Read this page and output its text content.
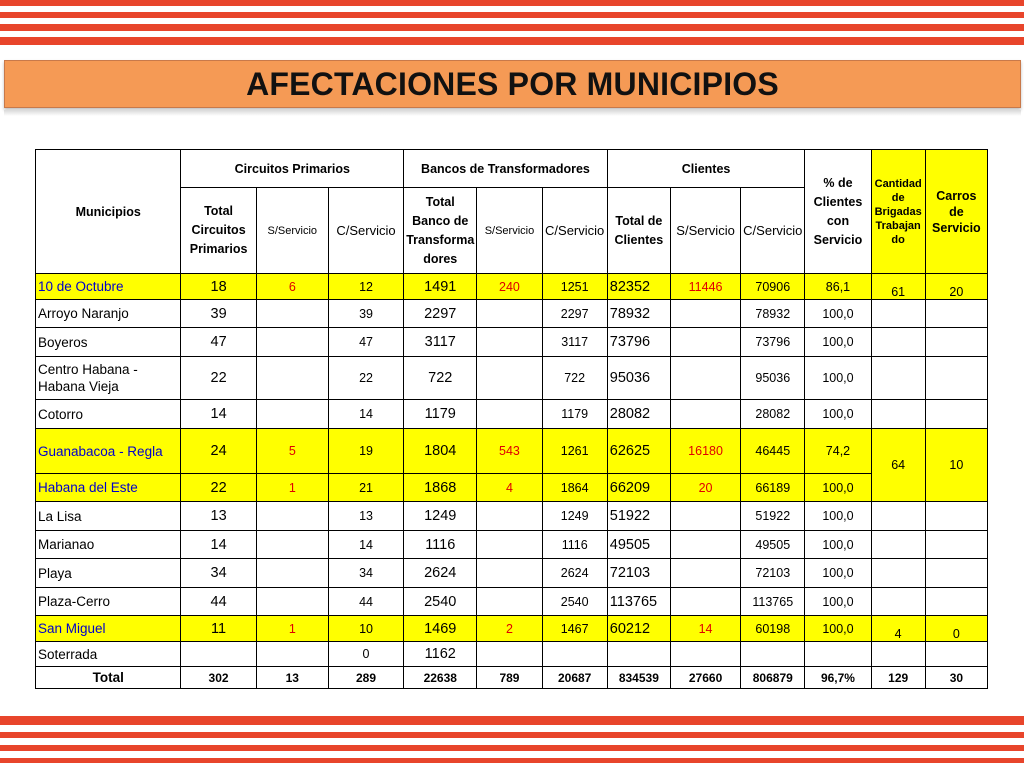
AFECTACIONES POR MUNICIPIOS
Municipios	Circuitos Primarios			Bancos de Transformadores			Clientes			% de Clientes con Servicio	Cantidad de Brigadas Trabajan do	Carros de Servicio
	Total Circuitos Primarios	S/Servicio	C/Servicio	Total Banco de Transforma dores	S/Servicio	C/Servicio	Total de Clientes	S/Servicio	C/Servicio			
10 de Octubre	18	6	12	1491	240	1251	82352	11446	70906	86,1	61	20
Arroyo Naranjo	39		39	2297		2297	78932		78932	100,0		
Boyeros	47		47	3117		3117	73796		73796	100,0		
Centro Habana - Habana Vieja	22		22	722		722	95036		95036	100,0		
Cotorro	14		14	1179		1179	28082		28082	100,0		
Guanabacoa - Regla	24	5	19	1804	543	1261	62625	16180	46445	74,2	64	10
Habana del Este	22	1	21	1868	4	1864	66209	20	66189	100,0		
La Lisa	13		13	1249		1249	51922		51922	100,0		
Marianao	14		14	1116		1116	49505		49505	100,0		
Playa	34		34	2624		2624	72103		72103	100,0		
Plaza-Cerro	44		44	2540		2540	113765		113765	100,0		
San Miguel	11	1	10	1469	2	1467	60212	14	60198	100,0	4	0
Soterrada			0	1162								
Total	302	13	289	22638	789	20687	834539	27660	806879	96,7%	129	30
